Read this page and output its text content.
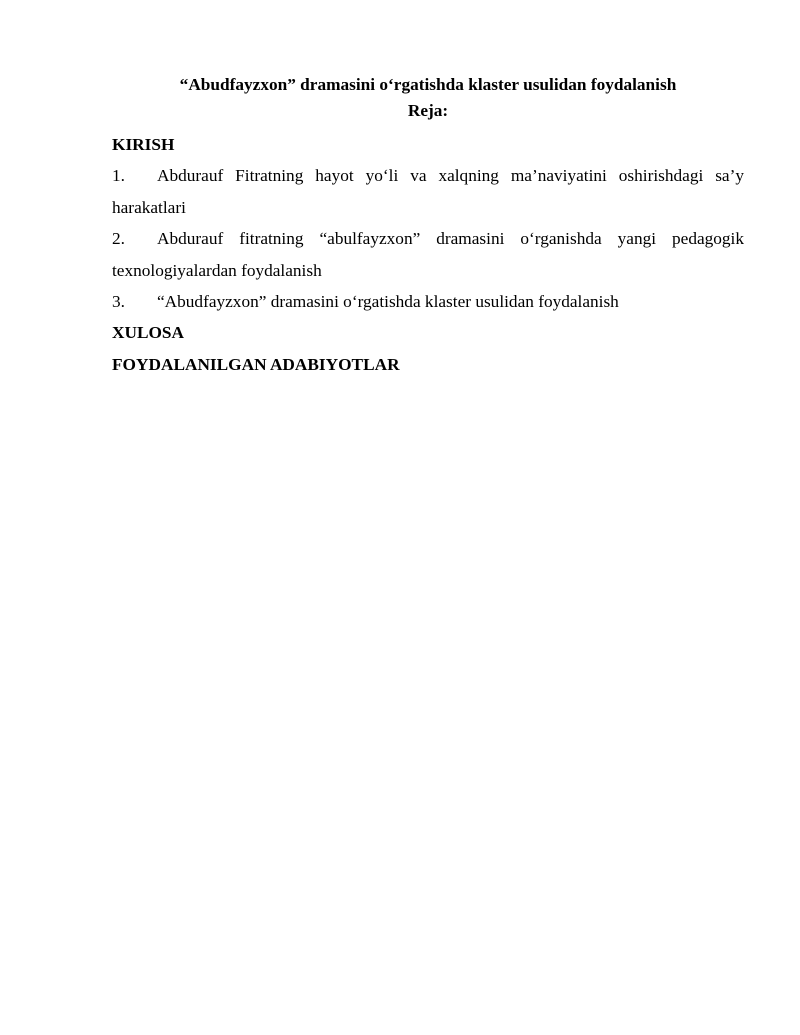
“Abudfayzxon” dramasini o‘rgatishda klaster usulidan foydalanish

Reja:

KIRISH

1. Abdurauf Fitratning hayot yo‘li va xalqning ma’naviyatini oshirishdagi sa’y harakatlari

2. Abdurauf fitratning “abulfayzxon” dramasini o‘rganishda yangi pedagogik texnologiyalardan foydalanish

3. “Abudfayzxon” dramasini o‘rgatishda klaster usulidan foydalanish

XULOSA

FOYDALANILGAN ADABIYOTLAR
